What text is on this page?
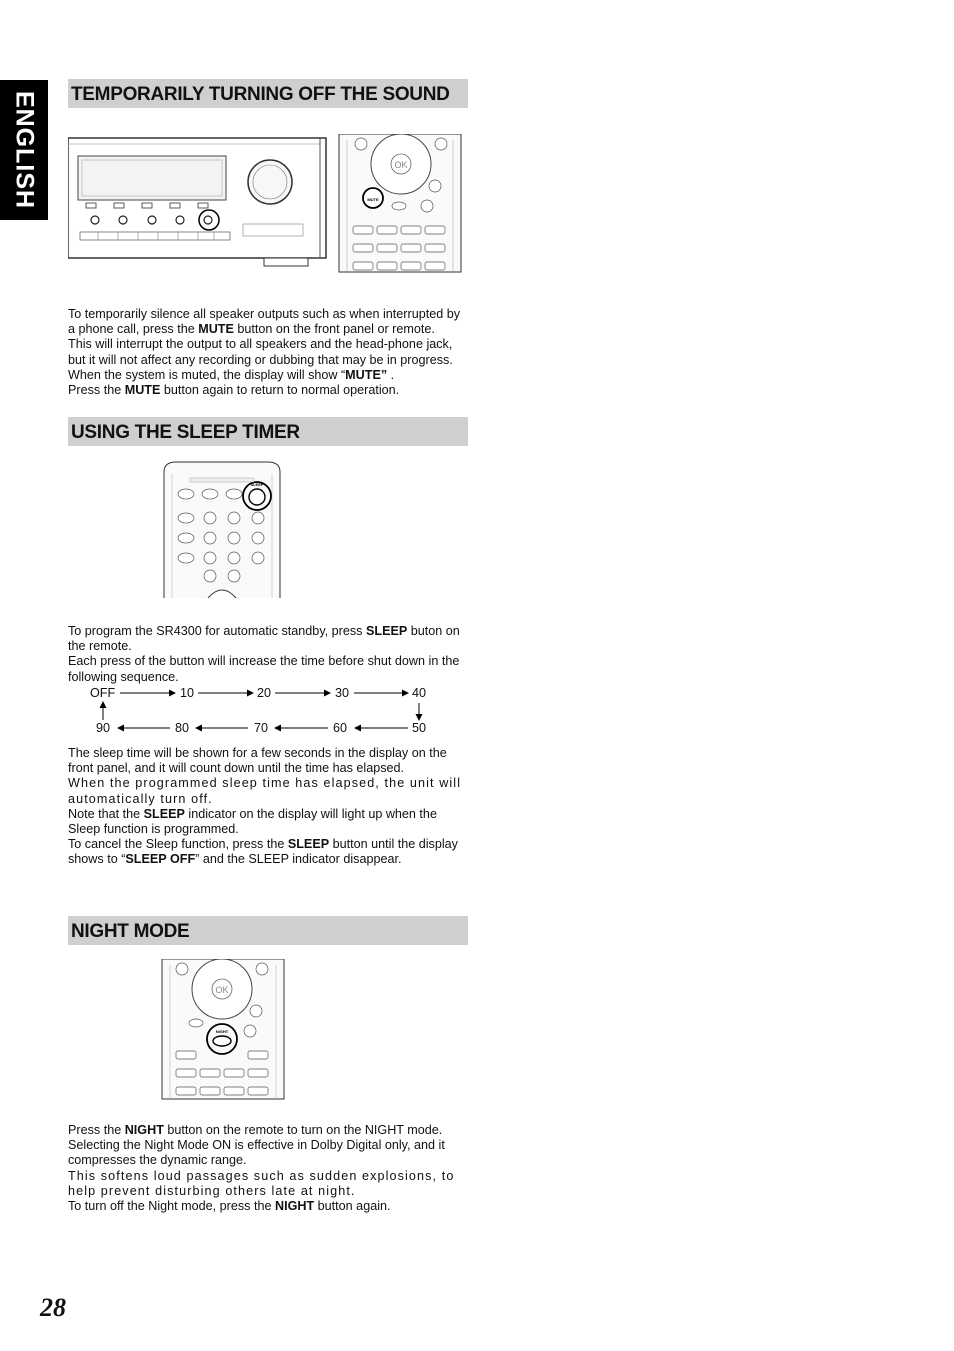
ENGLISH TEMPORARILY TURNING OFF THE SOUND
OK
MUTE

To temporarily silence all speaker outputs such as when interrupted by a phone call, press the MUTE button on the front panel or remote.

This will interrupt the output to all speakers and the head-phone jack, but it will not affect any recording or dubbing that may be in progress.

When the system is muted, the display will show “MUTE” .

Press the MUTE button again to return to normal operation.

USING THE SLEEP TIMER
SLEEP

To program the SR4300 for automatic standby, press SLEEP buton on the remote.

Each press of the button will increase the time before shut down in the following sequence.

OFF	10	20	30	40
90	80	70	60	50

The sleep time will be shown for a few seconds in the display on the front panel, and it will count down until the time has elapsed.

When the programmed sleep time has elapsed, the unit will automatically turn off.

Note that the SLEEP indicator on the display will light up when the Sleep function is programmed.

To cancel the Sleep function, press the SLEEP button until the display shows to “SLEEP OFF” and the SLEEP indicator disappear.

NIGHT MODE
OK
NIGHT

Press the NIGHT button on the remote to turn on the NIGHT mode.

Selecting the Night Mode ON is effective in Dolby Digital only, and it compresses the dynamic range.

This softens loud passages such as sudden explosions, to help prevent disturbing others late at night.

To turn off the Night mode, press the NIGHT button again.

28
